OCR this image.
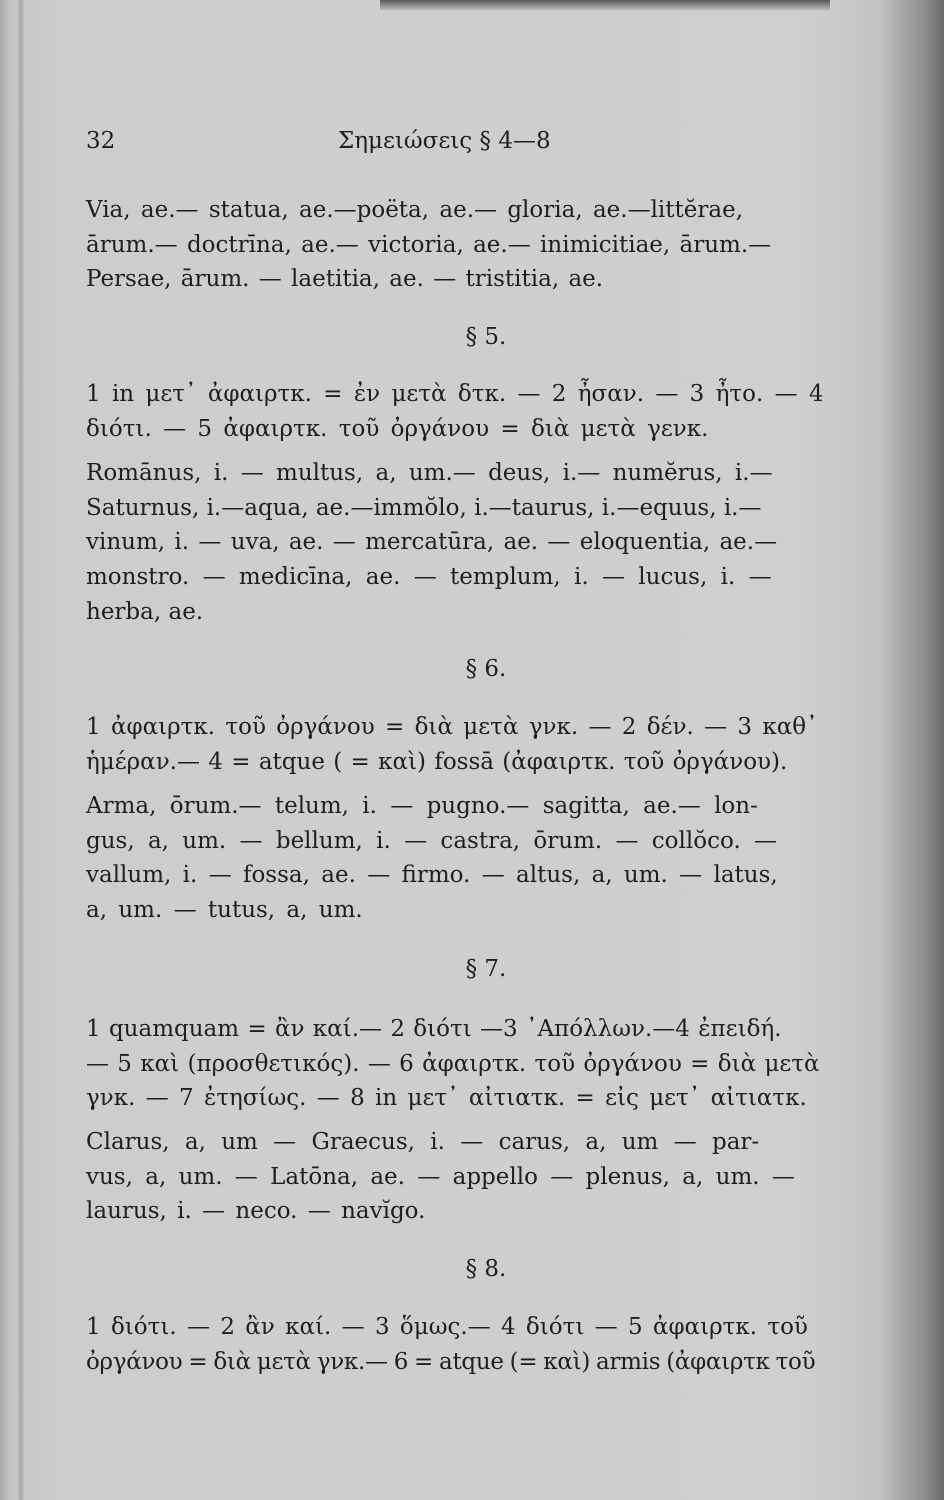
32	Σημειώσεις § 4—8
Via, ae.— statua, ae.—poëta, ae.— gloria, ae.—littĕrae,
ārum.— doctrīna, ae.— victoria, ae.— inimicitiae, ārum.—
Persae, ārum. — laetitia, ae. — tristitia, ae.
§ 5.
1 in μετ᾽ ἀφαιρτκ. = ἐν μετὰ δτκ. — 2 ἦσαν. — 3 ἦτο. — 4
διότι. — 5 ἀφαιρτκ. τοῦ ὀργάνου = διὰ μετὰ γενκ.
Romānus, i. — multus, a, um.— deus, i.— numĕrus, i.—
Saturnus, i.—aqua, ae.—immŏlo, i.—taurus, i.—equus, i.—
vinum, i. — uva, ae. — mercatūra, ae. — eloquentia, ae.—
monstro. — medicīna, ae. — templum, i. — lucus, i. —
herba, ae.
§ 6.
1 ἀφαιρτκ. τοῦ ὀργάνου = διὰ μετὰ γνκ. — 2 δέν. — 3 καθ᾽
ἡμέραν.— 4 = atque ( = καὶ) fossā (ἀφαιρτκ. τοῦ ὀργάνου).
Arma, ōrum.— telum, i. — pugno.— sagitta, ae.— lon-
gus, a, um. — bellum, i. — castra, ōrum. — collŏco. —
vallum, i. — fossa, ae. — firmo. — altus, a, um. — latus,
a, um. — tutus, a, um.
§ 7.
1 quamquam = ἂν καί.— 2 διότι —3 ᾿Απόλλων.—4 ἐπειδή.
— 5 καὶ (προσθετικός). — 6 ἀφαιρτκ. τοῦ ὀργάνου = διὰ μετὰ
γνκ. — 7 ἐτησίως. — 8 in μετ᾽ αἰτιατκ. = εἰς μετ᾽ αἰτιατκ.
Clarus, a, um — Graecus, i. — carus, a, um — par-
vus, a, um. — Latōna, ae. — appello — plenus, a, um. —
laurus, i. — neco. — navĭgo.
§ 8.
1 διότι. — 2 ἂν καί. — 3 ὅμως.— 4 διότι — 5 ἀφαιρτκ. τοῦ
ὀργάνου = διὰ μετὰ γνκ.— 6 = atque (= καὶ) armis (ἀφαιρτκ τοῦ
